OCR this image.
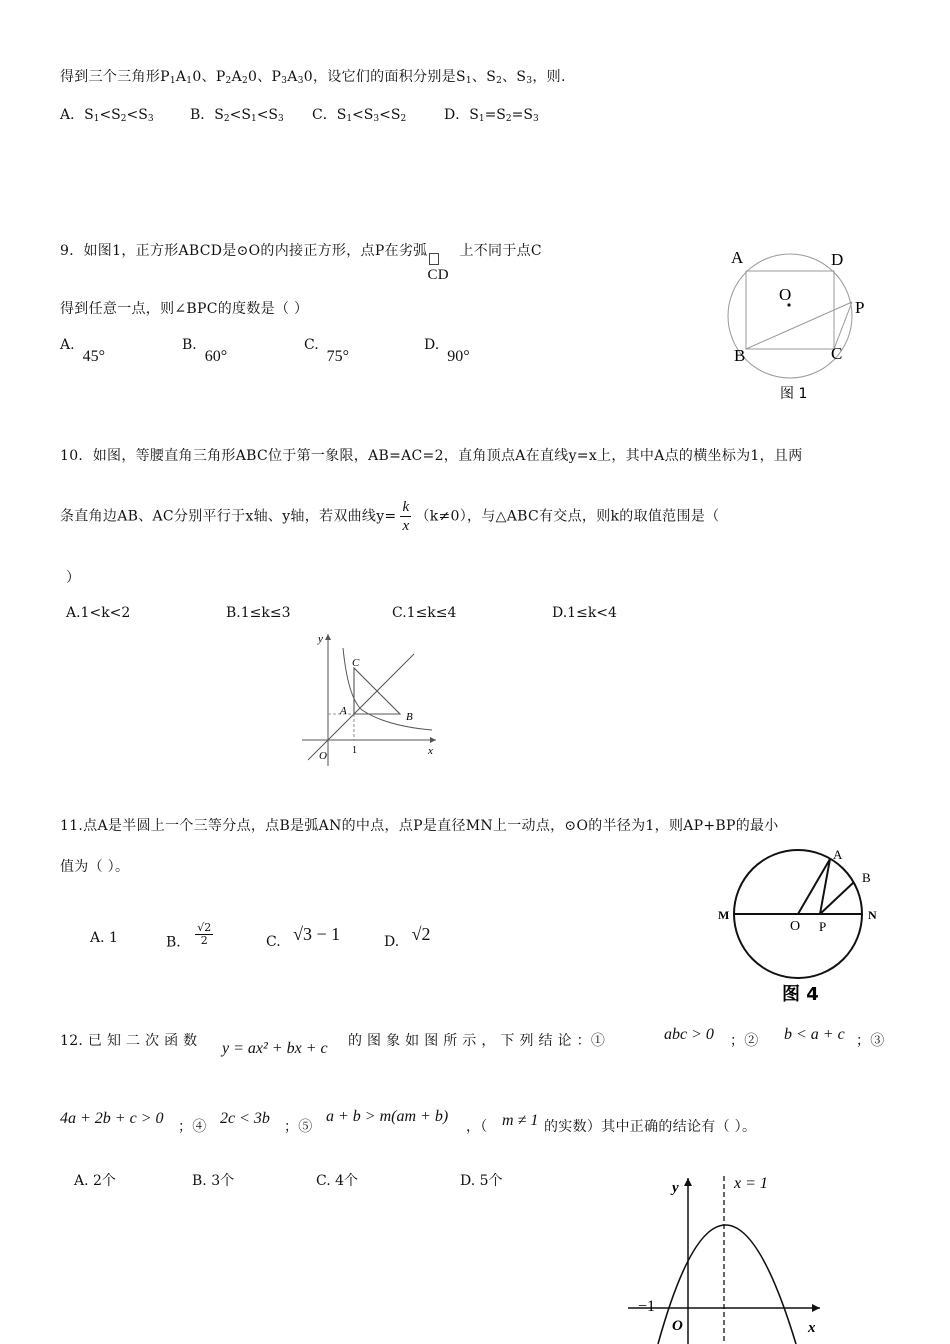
得到三个三角形$P_1A_10$、$P_2A_20$、$P_3A_30$，设它们的面积分别是$S_1$、$S_2$、$S_3$，则.
A．$S_1<S_2<S_3$	B．$S_2<S_1<S_3$ C．$S_1<S_3<S_2$	D．$S_1=S_2=S_3$
9．如图1，正方形ABCD是⊙O的内接正方形，点P在劣弧
CD
上不同于点C
得到任意一点，则∠BPC的度数是（ ）
A.45°
B.60°
C.75°
D.90°
A	D
O
P
B	C
图 1
10．如图，等腰直角三角形ABC位于第一象限，AB=AC=2，直角顶点A在直线y=x上，其中A点的横坐标为1，且两
条直角边AB、AC分别平行于x轴、y轴，若双曲线$y= \frac{k}{x} (k\ne 0)$，与△ABC有交点，则k的取值范围是（
）
A.1<k<2	B.1≤k≤3	C.1≤k≤4	D.1≤k<4
y
x
O	1
A	B
C
11.点A是半圆上一个三等分点，点B是弧AN的中点，点P是直径MN上一动点，⊙O的半径为1，则AP+BP的最小
值为（ ）。
A. 1	B. $\frac{√2}{2}$	C. √3 − 1	D. √2
M	N
O P
A
B
图 4
12. 已 知 二 次 函 数 y = ax² + bx + c 的 图 象 如 图 所 示 ， 下 列 结 论 ：①	abc > 0 ；② b < a + c ；③
4a + 2b + c > 0 ；④ 2c < 3b ；⑤
a + b > m(am + b)
，（ m ≠ 1 的实数）其中正确的结论有（ ）。
A. 2个	B. 3个	C. 4个	D. 5个	y
x
x = 1
−1
O
